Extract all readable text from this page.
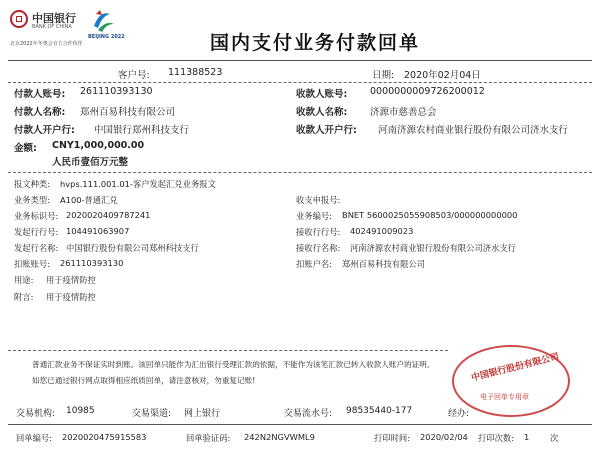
中国银行
BANK OF CHINA
BEIJING 2022
北京2022年冬奥会官方合作伙伴	国内支付业务付款回单
客户号: 111388523	日期: 2020年02月04日
付款人账号: 261110393130	收款人账号: 0000000009726200012
付款人名称: 郑州百易科技有限公司	收款人名称: 济源市慈善总会
付款人开户行: 中国银行郑州科技支行	收款人开户行: 河南济源农村商业银行股份有限公司济水支行
金额: CNY1,000,000.00
人民币壹佰万元整
报文种类: hvps.111.001.01-客户发起汇兑业务报文
业务类型: A100-普通汇兑	收支申报号:
业务标识号: 2020020409787241	业务编号: BNET 5600025055908503/000000000000
发起行行号: 104491063907	接收行行号: 402491009023
发起行名称: 中国银行股份有限公司郑州科技支行	接收行名称: 河南济源农村商业银行股份有限公司济水支行
扣账账号: 261110393130	扣账户名: 郑州百易科技有限公司
用途: 用于疫情防控
附言: 用于疫情防控
普通汇款业务不保证实时到账。该回单只能作为汇出银行受理汇款的依据，不能作为该笔汇款已转入收款人账户的证明。
如您已通过银行网点取得相应纸质回单，请注意核对，勿重复记账!	中国银行股份有限公司
电子回单专用章
交易机构: 10985	交易渠道: 网上银行	交易流水号: 98535440-177	经办:
回单编号: 2020020475915583	回单验证码: 242N2NGVWML9	打印时间: 2020/02/04 打印次数: 1 次
